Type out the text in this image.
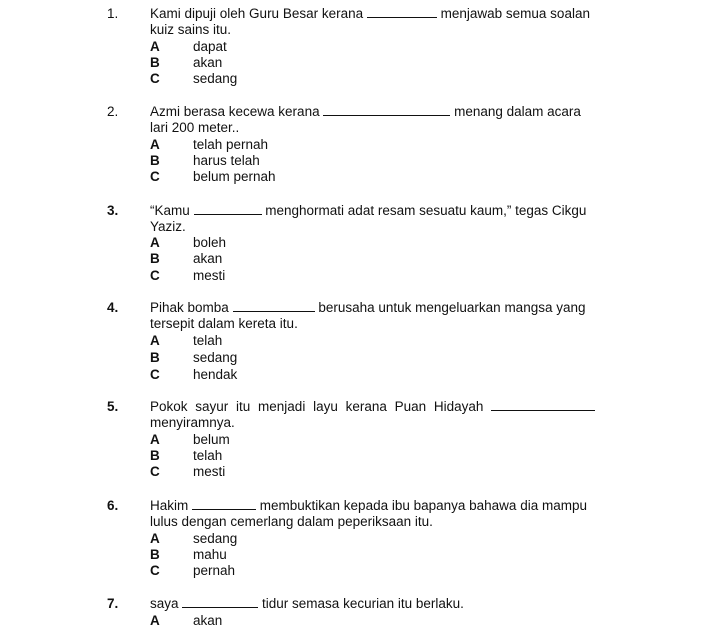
1. Kami dipuji oleh Guru Besar kerana	menjawab semua soalan
kuiz sains itu.
A dapat
B akan
C sedang
2. Azmi berasa kecewa kerana	menang dalam acara
lari 200 meter..
A telah pernah
B harus telah
C belum pernah
3. “Kamu	menghormati adat resam sesuatu kaum,” tegas Cikgu
Yaziz.
A boleh
B akan
C mesti
4. Pihak bomba	berusaha untuk mengeluarkan mangsa yang
tersepit dalam kereta itu.
A telah
B sedang
C hendak
5. Pokok sayur itu menjadi layu kerana Puan Hidayah
menyiramnya.
A belum
B telah
C mesti
6. Hakim	membuktikan kepada ibu bapanya bahawa dia mampu
lulus dengan cemerlang dalam peperiksaan itu.
A sedang
B mahu
C pernah
7. saya	tidur semasa kecurian itu berlaku.
A akan
